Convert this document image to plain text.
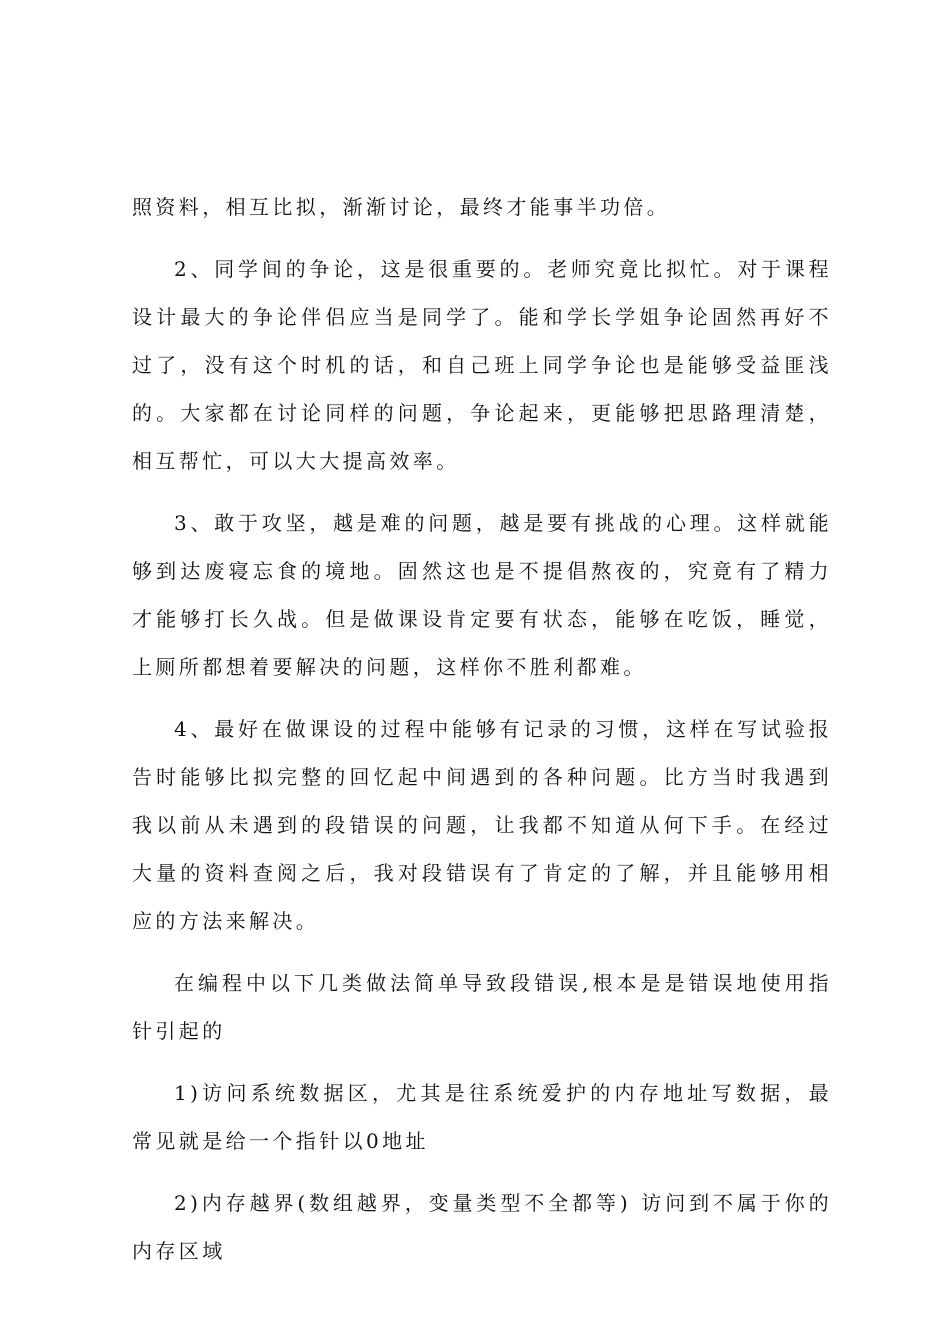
照资料，相互比拟，渐渐讨论，最终才能事半功倍。

2、同学间的争论，这是很重要的。老师究竟比拟忙。对于课程设计最大的争论伴侣应当是同学了。能和学长学姐争论固然再好不过了，没有这个时机的话，和自己班上同学争论也是能够受益匪浅的。大家都在讨论同样的问题，争论起来，更能够把思路理清楚，相互帮忙，可以大大提高效率。

3、敢于攻坚，越是难的问题，越是要有挑战的心理。这样就能够到达废寝忘食的境地。固然这也是不提倡熬夜的，究竟有了精力才能够打长久战。但是做课设肯定要有状态，能够在吃饭，睡觉，上厕所都想着要解决的问题，这样你不胜利都难。

4、最好在做课设的过程中能够有记录的习惯，这样在写试验报告时能够比拟完整的回忆起中间遇到的各种问题。比方当时我遇到我以前从未遇到的段错误的问题，让我都不知道从何下手。在经过大量的资料查阅之后，我对段错误有了肯定的了解，并且能够用相应的方法来解决。

在编程中以下几类做法简单导致段错误,根本是是错误地使用指针引起的

1)访问系统数据区，尤其是往系统爱护的内存地址写数据，最常见就是给一个指针以0地址

2)内存越界(数组越界，变量类型不全都等) 访问到不属于你的内存区域
